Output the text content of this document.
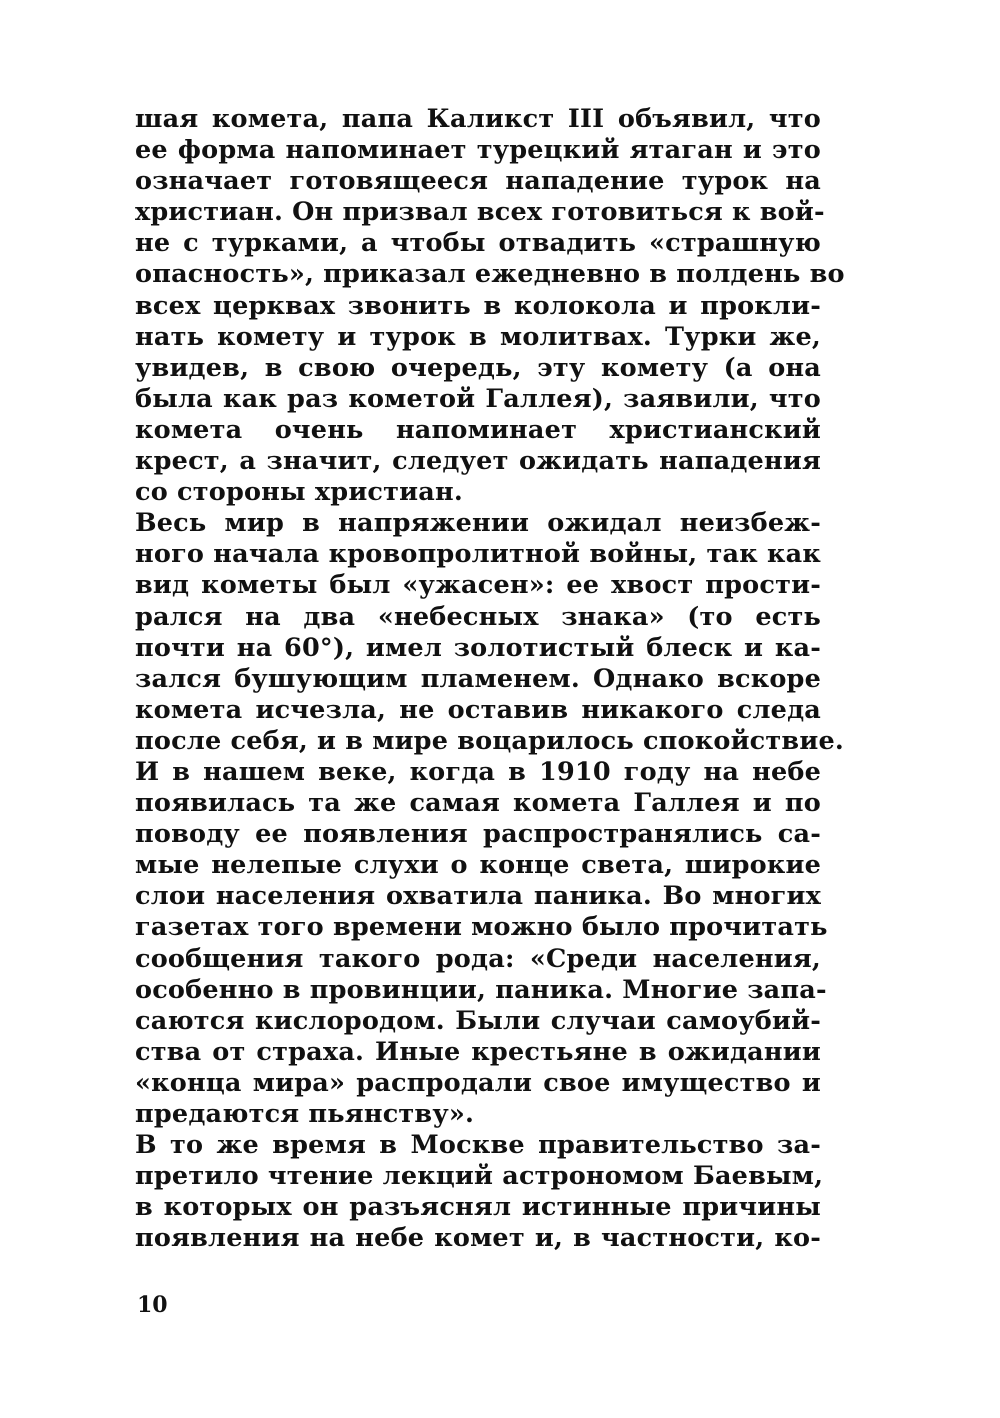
шая комета, папа Каликст III объявил, что
ее форма напоминает турецкий ятаган и это
означает готовящееся нападение турок на
христиан. Он призвал всех готовиться к вой-
не с турками, а чтобы отвадить «страшную
опасность», приказал ежедневно в полдень во
всех церквах звонить в колокола и прокли-
нать комету и турок в молитвах. Турки же,
увидев, в свою очередь, эту комету (а она
была как раз кометой Галлея), заявили, что
комета очень напоминает христианский
крест, а значит, следует ожидать нападения
со стороны христиан.
Весь мир в напряжении ожидал неизбеж-
ного начала кровопролитной войны, так как
вид кометы был «ужасен»: ее хвост прости-
рался на два «небесных знака» (то есть
почти на 60°), имел золотистый блеск и ка-
зался бушующим пламенем. Однако вскоре
комета исчезла, не оставив никакого следа
после себя, и в мире воцарилось спокойствие.
И в нашем веке, когда в 1910 году на небе
появилась та же самая комета Галлея и по
поводу ее появления распространялись са-
мые нелепые слухи о конце света, широкие
слои населения охватила паника. Во многих
газетах того времени можно было прочитать
сообщения такого рода: «Среди населения,
особенно в провинции, паника. Многие запа-
саются кислородом. Были случаи самоубий-
ства от страха. Иные крестьяне в ожидании
«конца мира» распродали свое имущество и
предаются пьянству».
В то же время в Москве правительство за-
претило чтение лекций астрономом Баевым,
в которых он разъяснял истинные причины
появления на небе комет и, в частности, ко-
10
